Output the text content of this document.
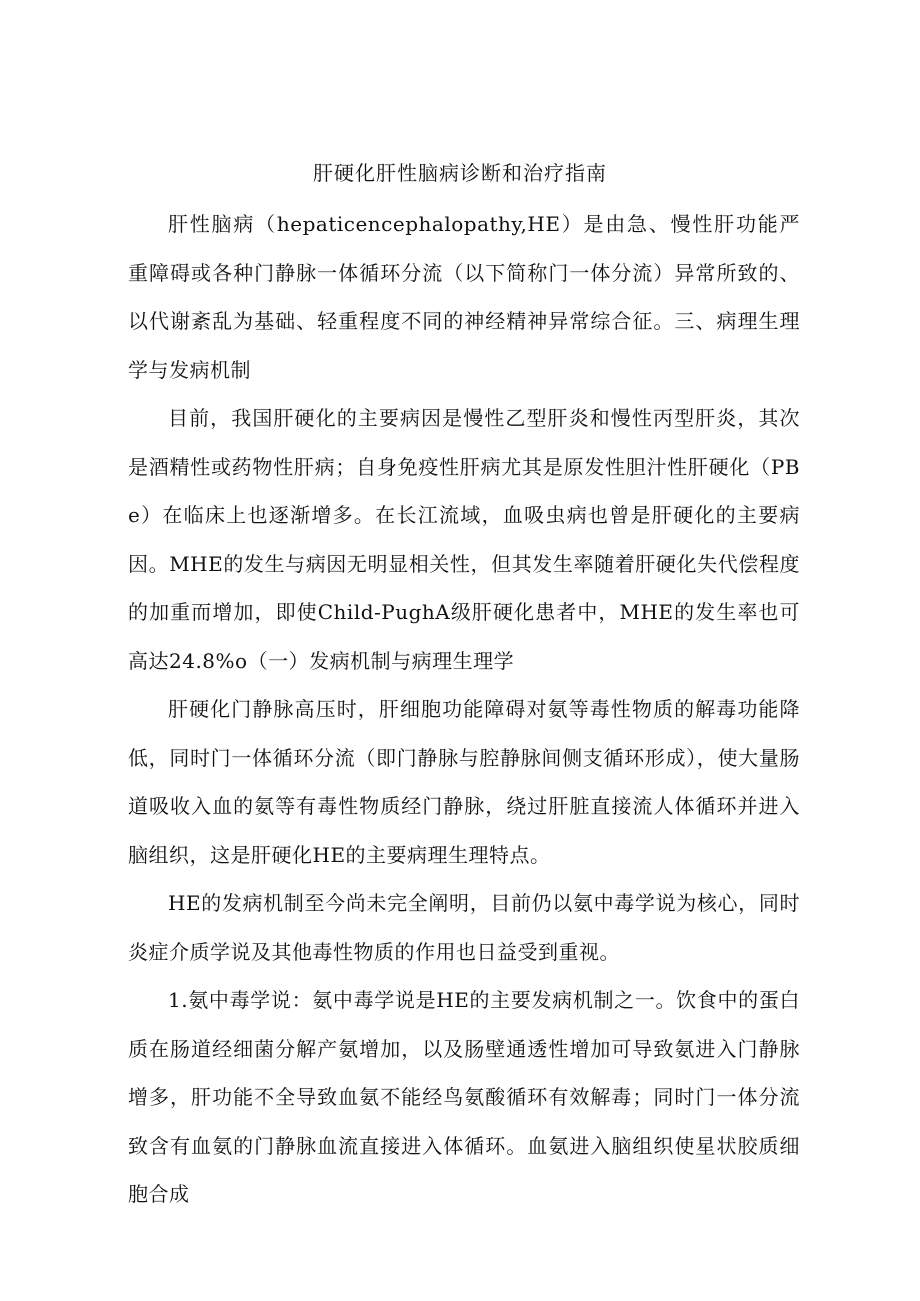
肝硬化肝性脑病诊断和治疗指南

肝性脑病（hepaticencephalopathy,HE）是由急、慢性肝功能严重障碍或各种门静脉一体循环分流（以下简称门一体分流）异常所致的、以代谢紊乱为基础、轻重程度不同的神经精神异常综合征。三、病理生理学与发病机制

目前，我国肝硬化的主要病因是慢性乙型肝炎和慢性丙型肝炎，其次是酒精性或药物性肝病；自身免疫性肝病尤其是原发性胆汁性肝硬化（PBe）在临床上也逐渐增多。在长江流域，血吸虫病也曾是肝硬化的主要病因。MHE的发生与病因无明显相关性，但其发生率随着肝硬化失代偿程度的加重而增加，即使Child-PughA级肝硬化患者中，MHE的发生率也可高达24.8%o（一）发病机制与病理生理学

肝硬化门静脉高压时，肝细胞功能障碍对氨等毒性物质的解毒功能降低，同时门一体循环分流（即门静脉与腔静脉间侧支循环形成），使大量肠道吸收入血的氨等有毒性物质经门静脉，绕过肝脏直接流人体循环并进入脑组织，这是肝硬化HE的主要病理生理特点。

HE的发病机制至今尚未完全阐明，目前仍以氨中毒学说为核心，同时炎症介质学说及其他毒性物质的作用也日益受到重视。

1.氨中毒学说：氨中毒学说是HE的主要发病机制之一。饮食中的蛋白质在肠道经细菌分解产氨增加，以及肠壁通透性增加可导致氨进入门静脉增多，肝功能不全导致血氨不能经鸟氨酸循环有效解毒；同时门一体分流致含有血氨的门静脉血流直接进入体循环。血氨进入脑组织使星状胶质细胞合成
